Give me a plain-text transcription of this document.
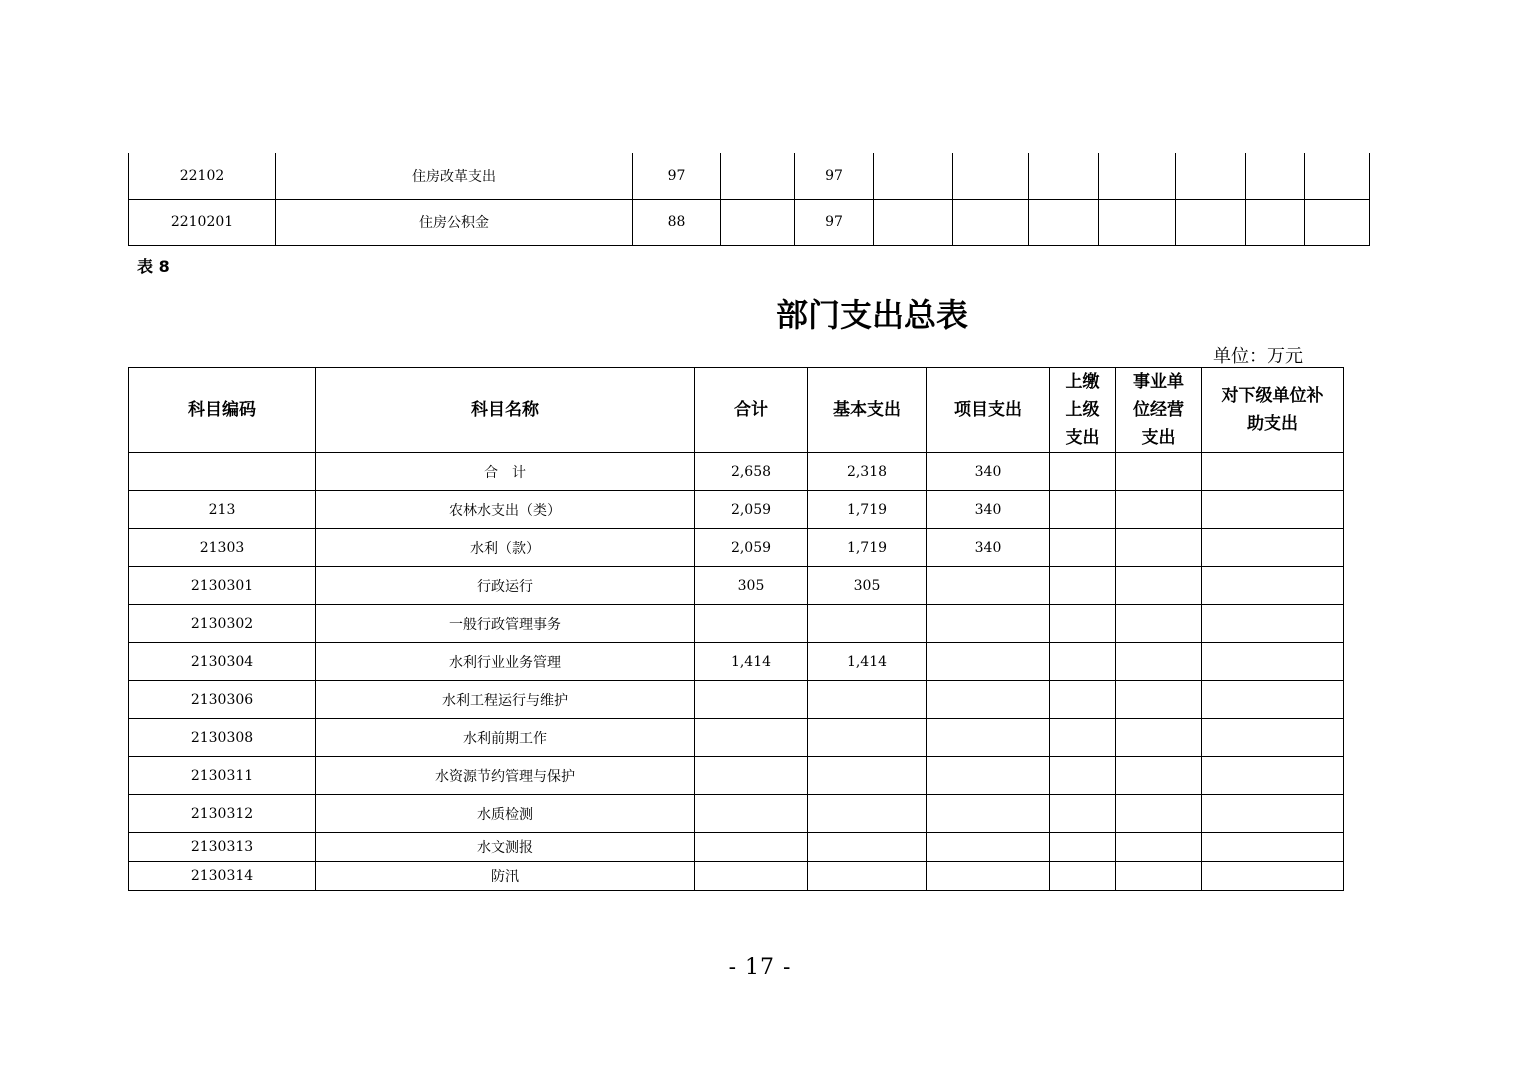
22102	住房改革支出	97		97							
2210201	住房公积金	88		97							
表 8
部门支出总表
单位：万元
科目编码	科目名称	合计	基本支出	项目支出	上缴上级支出	事业单位经营支出	对下级单位补助支出
	合　计	2,658	2,318	340			
213	农林水支出（类）	2,059	1,719	340			
21303	水利（款）	2,059	1,719	340			
2130301	行政运行	305	305				
2130302	一般行政管理事务						
2130304	水利行业业务管理	1,414	1,414				
2130306	水利工程运行与维护						
2130308	水利前期工作						
2130311	水资源节约管理与保护						
2130312	水质检测						
2130313	水文测报						
2130314	防汛						
- 17 -
